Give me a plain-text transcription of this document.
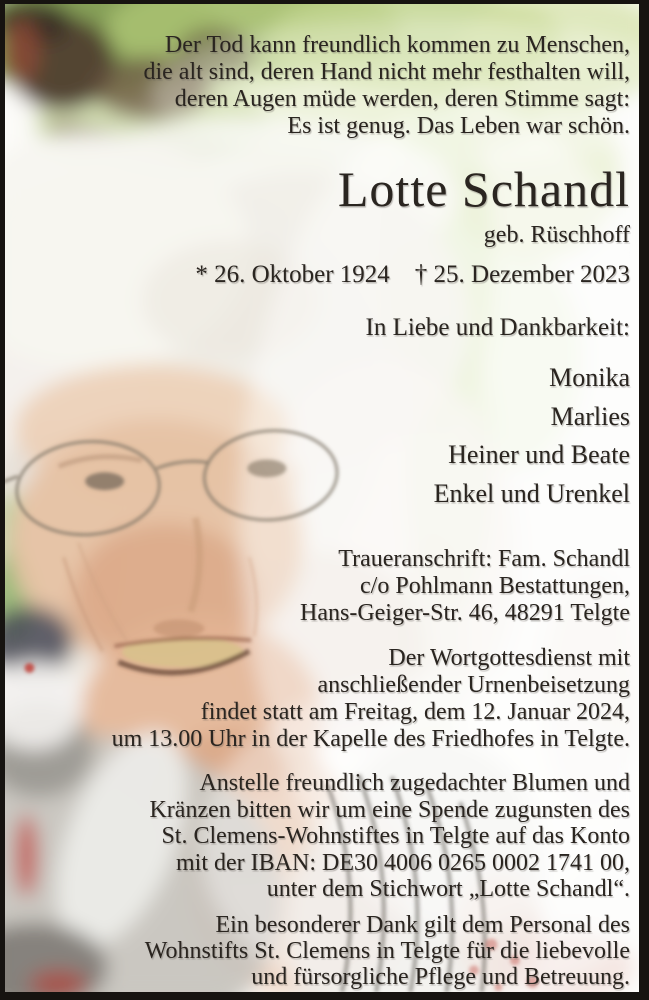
Der Tod kann freundlich kommen zu Menschen,
die alt sind, deren Hand nicht mehr festhalten will,
deren Augen müde werden, deren Stimme sagt:
Es ist genug. Das Leben war schön.
Lotte Schandl
geb. Rüschhoff
* 26. Oktober 1924  † 25. Dezember 2023
In Liebe und Dankbarkeit:
Monika
Marlies
Heiner und Beate
Enkel und Urenkel
Traueranschrift: Fam. Schandl
c/o Pohlmann Bestattungen,
Hans-Geiger-Str. 46, 48291 Telgte
Der Wortgottesdienst mit
anschließender Urnenbeisetzung
findet statt am Freitag, dem 12. Januar 2024,
um 13.00 Uhr in der Kapelle des Friedhofes in Telgte.
Anstelle freundlich zugedachter Blumen und
Kränzen bitten wir um eine Spende zugunsten des
St. Clemens-Wohnstiftes in Telgte auf das Konto
mit der IBAN: DE30 4006 0265 0002 1741 00,
unter dem Stichwort „Lotte Schandl“.
Ein besonderer Dank gilt dem Personal des
Wohnstifts St. Clemens in Telgte für die liebevolle
und fürsorgliche Pflege und Betreuung.
